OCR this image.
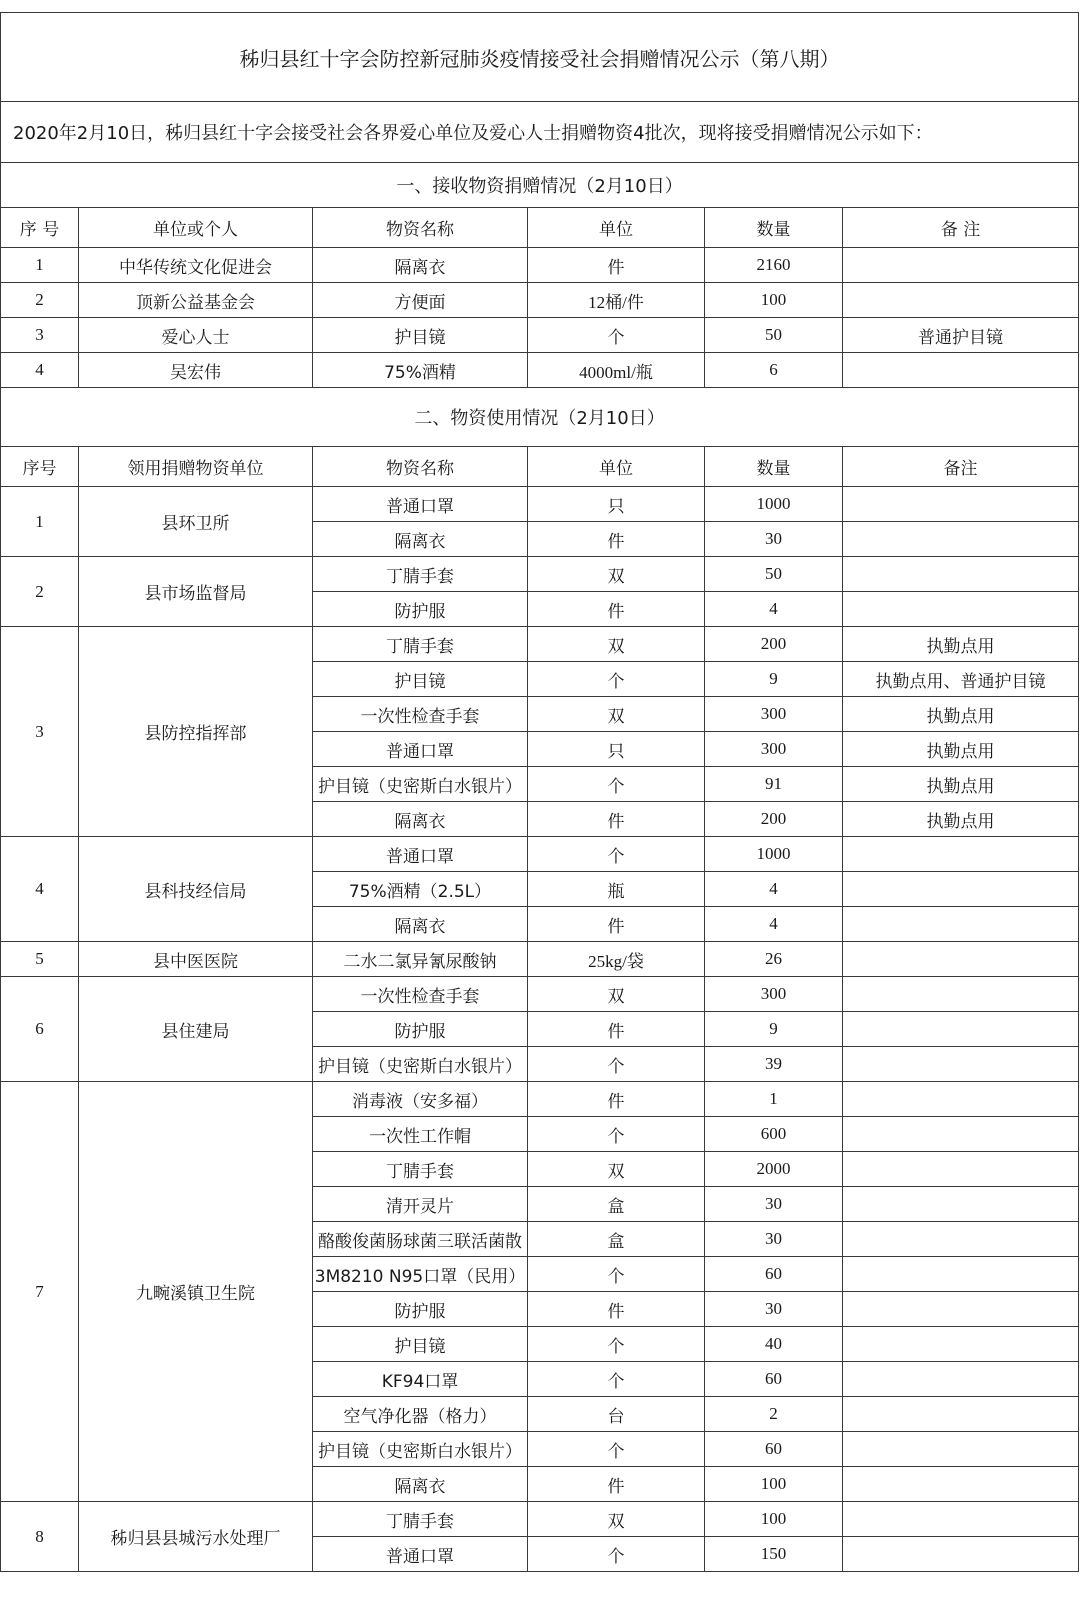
秭归县红十字会防控新冠肺炎疫情接受社会捐赠情况公示（第八期）					
2020年2月10日，秭归县红十字会接受社会各界爱心单位及爱心人士捐赠物资4批次，现将接受捐赠情况公示如下：					
一、接收物资捐赠情况（2月10日）					
序 号	单位或个人	物资名称	单位	数量	备 注
1	中华传统文化促进会	隔离衣	件	2160	
2	顶新公益基金会	方便面	12桶/件	100	
3	爱心人士	护目镜	个	50	普通护目镜
4	吴宏伟	75%酒精	4000ml/瓶	6	
二、物资使用情况（2月10日）					
序号	领用捐赠物资单位	物资名称	单位	数量	备注
1	县环卫所	普通口罩	只	1000	
		隔离衣	件	30	
2	县市场监督局	丁腈手套	双	50	
		防护服	件	4	
3	县防控指挥部	丁腈手套	双	200	执勤点用
		护目镜	个	9	执勤点用、普通护目镜
		一次性检查手套	双	300	执勤点用
		普通口罩	只	300	执勤点用
		护目镜（史密斯白水银片）	个	91	执勤点用
		隔离衣	件	200	执勤点用
4	县科技经信局	普通口罩	个	1000	
		75%酒精（2.5L）	瓶	4	
		隔离衣	件	4	
5	县中医医院	二水二氯异氰尿酸钠	25kg/袋	26	
6	县住建局	一次性检查手套	双	300	
		防护服	件	9	
		护目镜（史密斯白水银片）	个	39	
7	九畹溪镇卫生院	消毒液（安多福）	件	1	
		一次性工作帽	个	600	
		丁腈手套	双	2000	
		清开灵片	盒	30	
		酪酸俊菌肠球菌三联活菌散	盒	30	
		3M8210 N95口罩（民用）	个	60	
		防护服	件	30	
		护目镜	个	40	
		KF94口罩	个	60	
		空气净化器（格力）	台	2	
		护目镜（史密斯白水银片）	个	60	
		隔离衣	件	100	
8	秭归县县城污水处理厂	丁腈手套	双	100	
		普通口罩	个	150	
